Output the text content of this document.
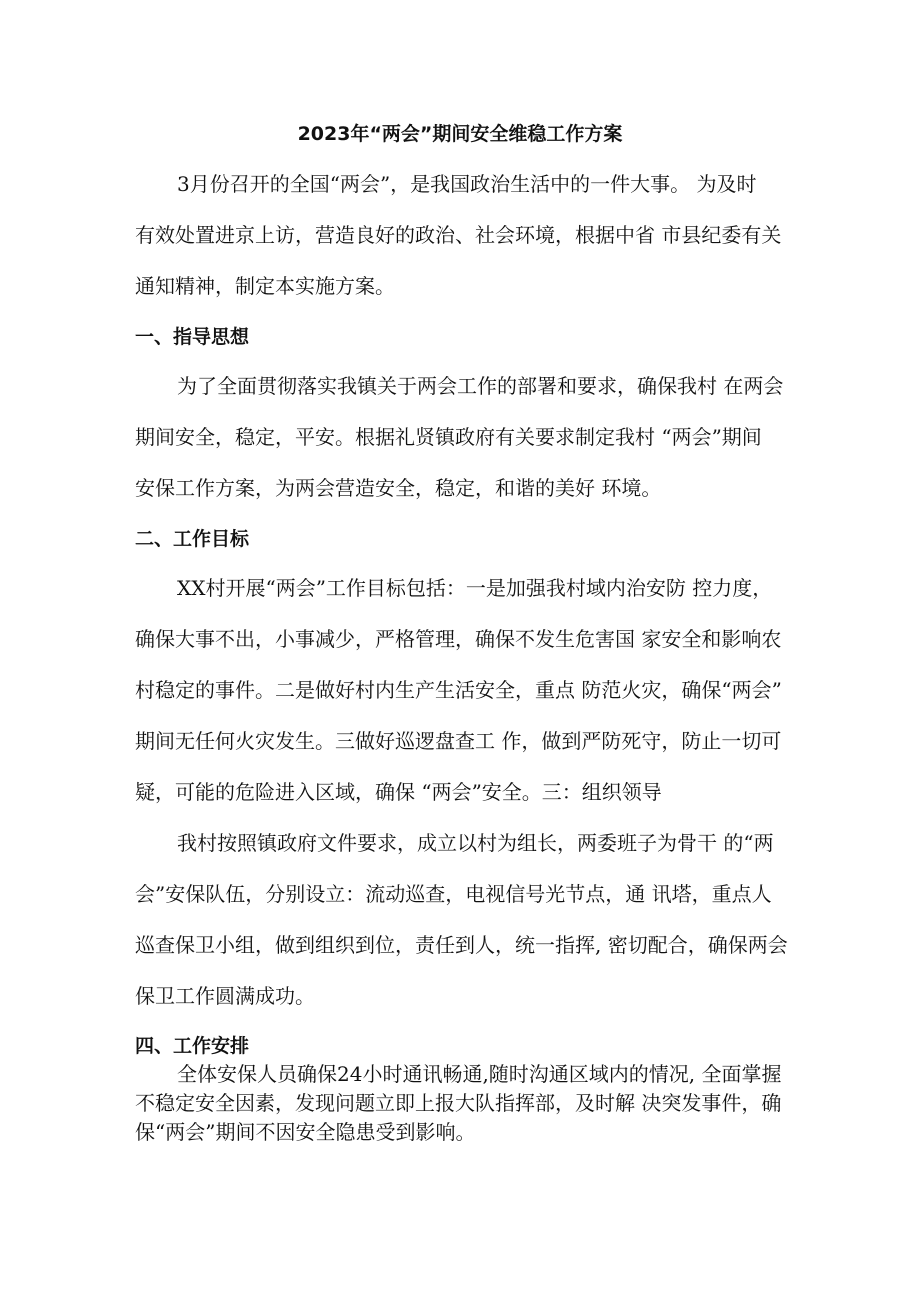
2023年“两会”期间安全维稳工作方案
3月份召开的全国“两会”，是我国政治生活中的一件大事。 为及时
有效处置进京上访，营造良好的政治、社会环境，根据中省 市县纪委有关
通知精神，制定本实施方案。
一、指导思想
为了全面贯彻落实我镇关于两会工作的部署和要求，确保我村 在两会
期间安全，稳定，平安。根据礼贤镇政府有关要求制定我村 “两会”期间
安保工作方案，为两会营造安全，稳定，和谐的美好 环境。
二、工作目标
XX村开展“两会”工作目标包括：一是加强我村域内治安防 控力度，
确保大事不出，小事减少，严格管理，确保不发生危害国 家安全和影响农
村稳定的事件。二是做好村内生产生活安全，重点 防范火灾，确保“两会”
期间无任何火灾发生。三做好巡逻盘查工 作，做到严防死守，防止一切可
疑，可能的危险进入区域，确保 “两会”安全。三：组织领导
我村按照镇政府文件要求，成立以村为组长，两委班子为骨干 的“两
会”安保队伍，分别设立：流动巡查，电视信号光节点，通 讯塔，重点人
巡查保卫小组，做到组织到位，责任到人，统一指挥, 密切配合，确保两会
保卫工作圆满成功。
四、工作安排
全体安保人员确保24小时通讯畅通,随时沟通区域内的情况, 全面掌握
不稳定安全因素，发现问题立即上报大队指挥部，及时解 决突发事件，确
保“两会”期间不因安全隐患受到影响。
